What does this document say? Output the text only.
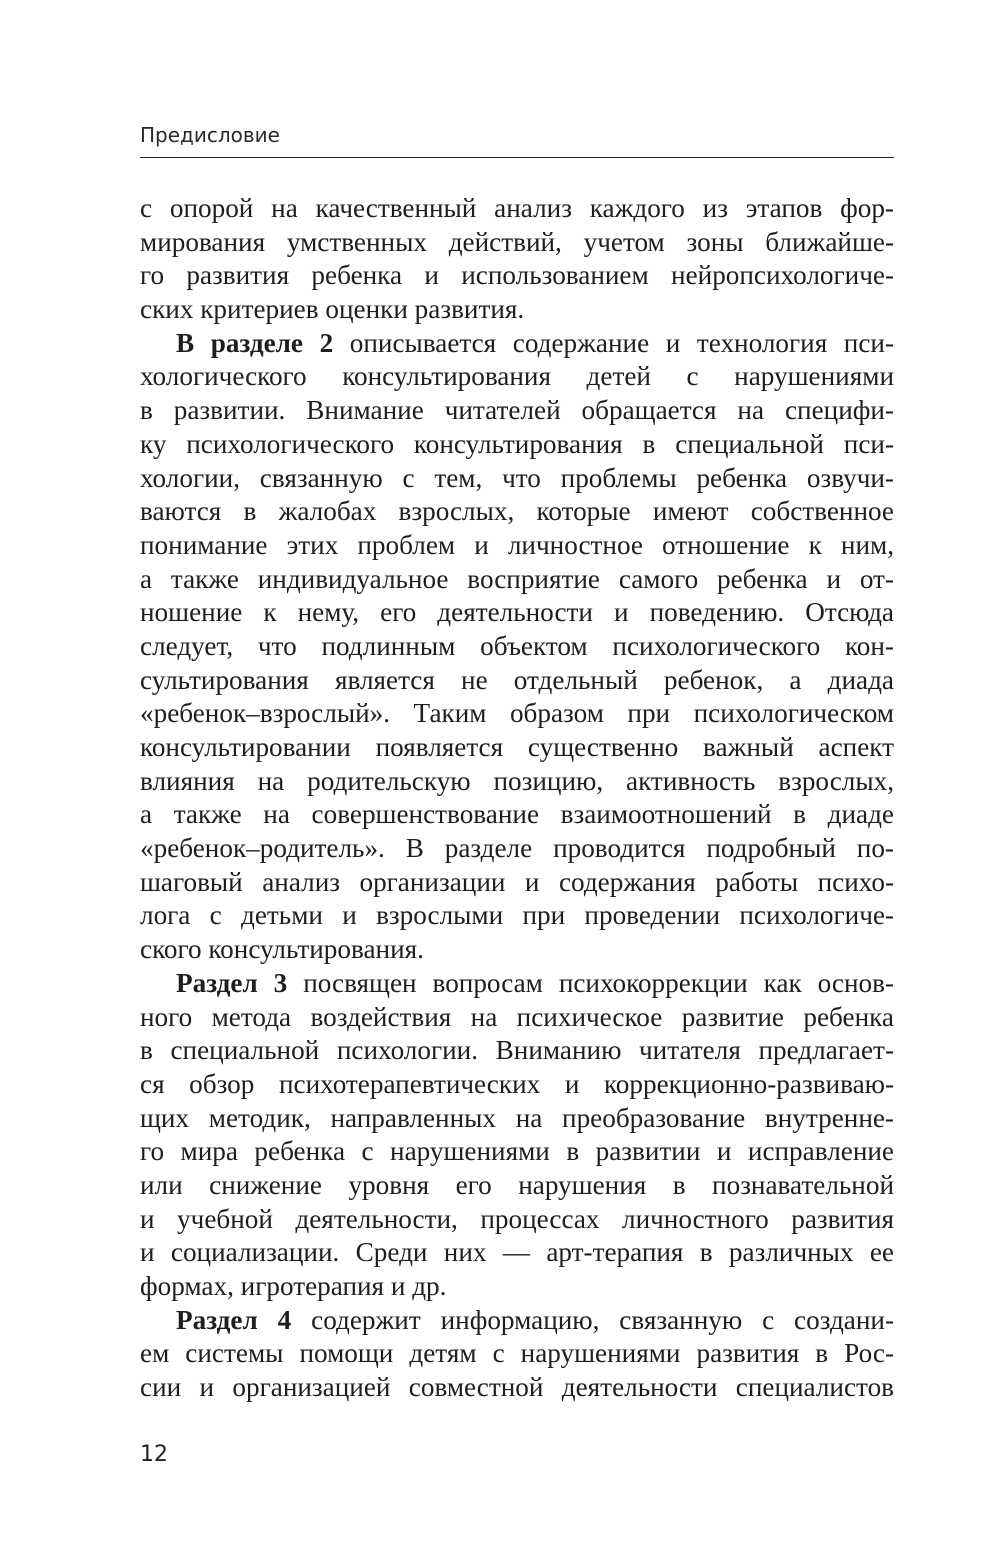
Предисловие
с опорой на качественный анализ каждого из этапов фор-
мирования умственных действий, учетом зоны ближайше-
го развития ребенка и использованием нейропсихологиче-
ских критериев оценки развития.
В разделе 2 описывается содержание и технология пси-
хологического консультирования детей с нарушениями
в развитии. Внимание читателей обращается на специфи-
ку психологического консультирования в специальной пси-
хологии, связанную с тем, что проблемы ребенка озвучи-
ваются в жалобах взрослых, которые имеют собственное
понимание этих проблем и личностное отношение к ним,
а также индивидуальное восприятие самого ребенка и от-
ношение к нему, его деятельности и поведению. Отсюда
следует, что подлинным объектом психологического кон-
сультирования является не отдельный ребенок, а диада
«ребенок–взрослый». Таким образом при психологическом
консультировании появляется существенно важный аспект
влияния на родительскую позицию, активность взрослых,
а также на совершенствование взаимоотношений в диаде
«ребенок–родитель». В разделе проводится подробный по-
шаговый анализ организации и содержания работы психо-
лога с детьми и взрослыми при проведении психологиче-
ского консультирования.
Раздел 3 посвящен вопросам психокоррекции как основ-
ного метода воздействия на психическое развитие ребенка
в специальной психологии. Вниманию читателя предлагает-
ся обзор психотерапевтических и коррекционно-развиваю-
щих методик, направленных на преобразование внутренне-
го мира ребенка с нарушениями в развитии и исправление
или снижение уровня его нарушения в познавательной
и учебной деятельности, процессах личностного развития
и социализации. Среди них — арт-терапия в различных ее
формах, игротерапия и др.
Раздел 4 содержит информацию, связанную с создани-
ем системы помощи детям с нарушениями развития в Рос-
сии и организацией совместной деятельности специалистов
12
